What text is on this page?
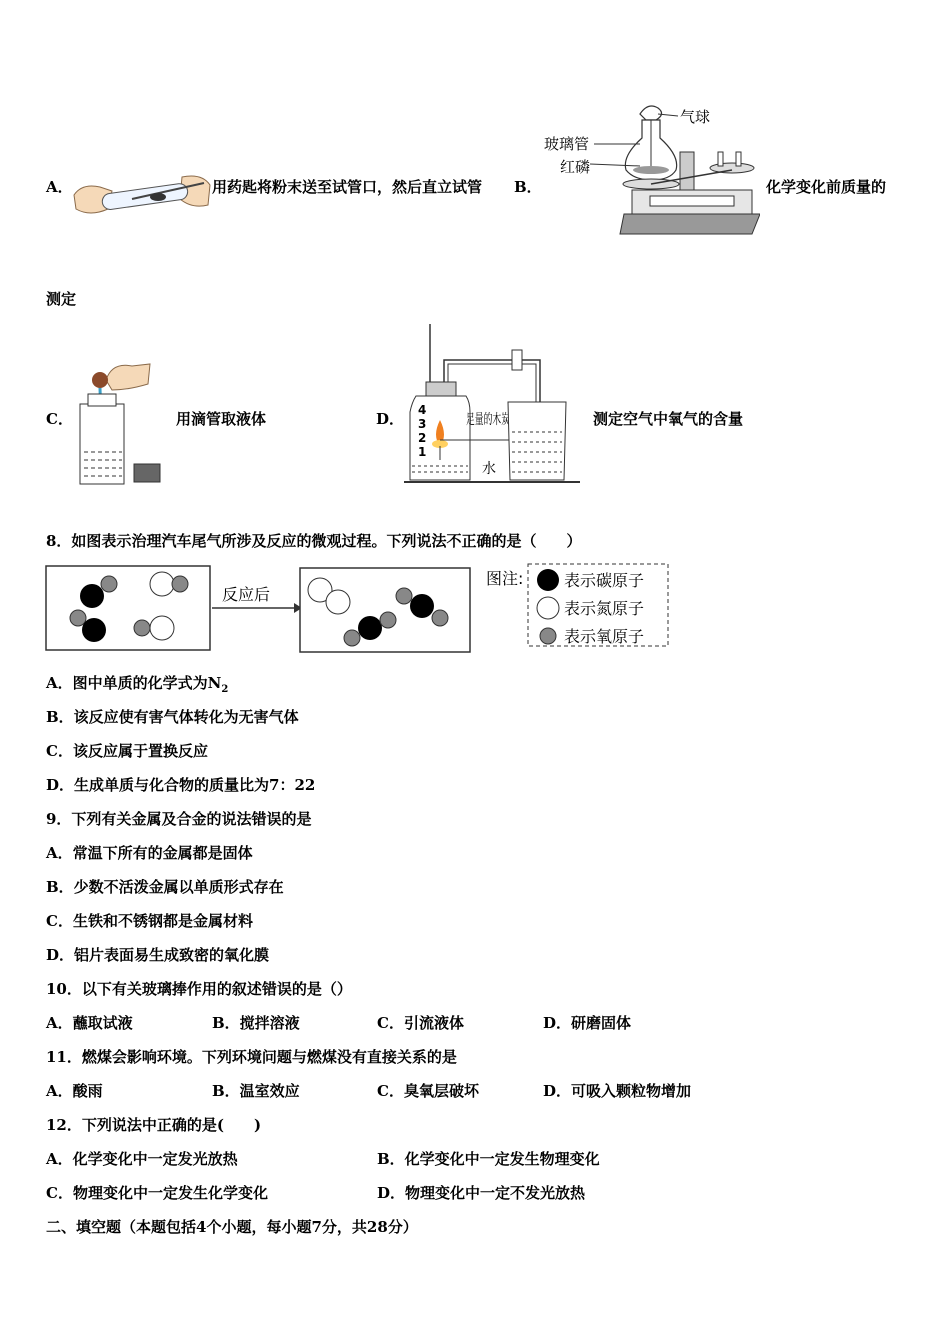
A．	用药匙将粉末送至试管口，然后直立试管 B．
气球
玻璃管
红磷
化学变化前质量的
测定
C．	用滴管取液体	D． 4
3
2
1
足量的木炭
水
测定空气中氧气的含量
8．如图表示治理汽车尾气所涉及反应的微观过程。下列说法不正确的是（　　）
反应后
图注:	表示碳原子
表示氮原子
表示氧原子
A．图中单质的化学式为$N_2$
B．该反应使有害气体转化为无害气体
C．该反应属于置换反应
D．生成单质与化合物的质量比为7：22
9．下列有关金属及合金的说法错误的是
A．常温下所有的金属都是固体
B．少数不活泼金属以单质形式存在
C．生铁和不锈钢都是金属材料
D．铝片表面易生成致密的氧化膜
10．以下有关玻璃捧作用的叙述错误的是（）
A．蘸取试液	B．搅拌溶液	C．引流液体	D．研磨固体
11．燃煤会影响环境。下列环境问题与燃煤没有直接关系的是
A．酸雨	B．温室效应	C．臭氧层破坏	D．可吸入颗粒物增加
12．下列说法中正确的是(　　)
A．化学变化中一定发光放热	B．化学变化中一定发生物理变化
C．物理变化中一定发生化学变化	D．物理变化中一定不发光放热
二、填空题（本题包括4个小题，每小题7分，共28分）
